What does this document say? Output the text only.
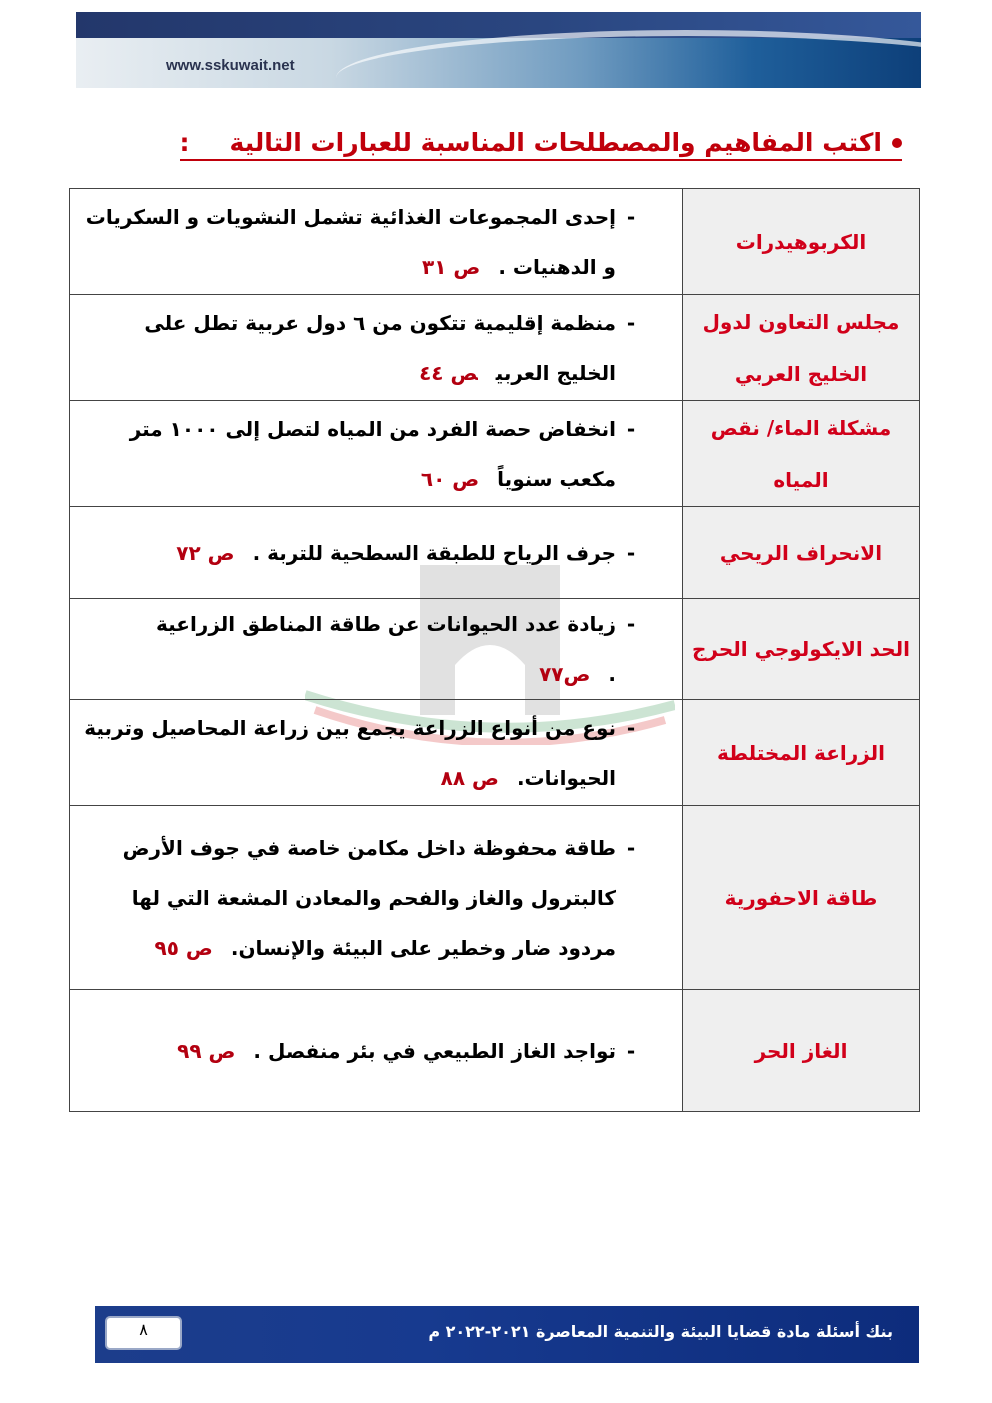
www.sskuwait.net
اكتب المفاهيم والمصطلحات المناسبة للعبارات التالية
:
الكربوهيدرات	-
إحدى المجموعات الغذائية تشمل النشويات و السكريات و الدهنيات .ص ٣١

مجلس التعاون لدول الخليج العربي	-
منظمة إقليمية تتكون من ٦ دول عربية تطل على الخليج العربيص ٤٤

مشكلة الماء/ نقص المياه	-
انخفاض حصة الفرد من المياه لتصل إلى ١٠٠٠ متر مكعب سنوياًص ٦٠

الانحراف الريحي	-
جرف الرياح للطبقة السطحية للتربة .ص ٧٢

الحد الايكولوجي الحرج	-
زيادة عدد الحيوانات عن طاقة المناطق الزراعية .ص٧٧

الزراعة المختلطة	-
نوع من أنواع الزراعة يجمع بين زراعة المحاصيل وتربية الحيوانات.ص ٨٨

طاقة الاحفورية	-
طاقة محفوظة داخل مكامن خاصة في جوف الأرض كالبترول والغاز والفحم والمعادن المشعة التي لها مردود ضار وخطير على البيئة والإنسان.ص ٩٥

الغاز الحر	-
تواجد الغاز الطبيعي في بئر منفصل .ص ٩٩
بنك أسئلة مادة قضايا البيئة والتنمية المعاصرة ٢٠٢١-٢٠٢٢ م
٨
